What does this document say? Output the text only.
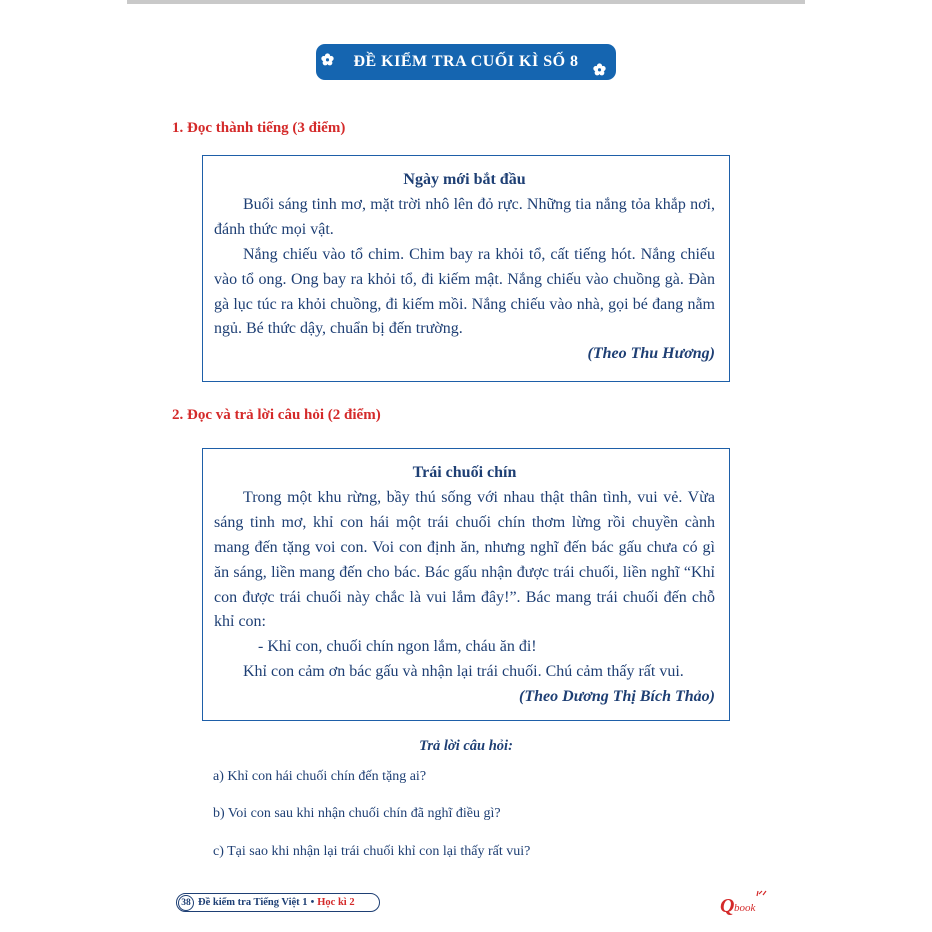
ĐỀ KIỂM TRA CUỐI KÌ SỐ 8
1. Đọc thành tiếng (3 điểm)
Ngày mới bắt đầu

Buổi sáng tinh mơ, mặt trời nhô lên đỏ rực. Những tia nắng tỏa khắp nơi, đánh thức mọi vật.

Nắng chiếu vào tổ chim. Chim bay ra khỏi tổ, cất tiếng hót. Nắng chiếu vào tổ ong. Ong bay ra khỏi tổ, đi kiếm mật. Nắng chiếu vào chuồng gà. Đàn gà lục túc ra khỏi chuồng, đi kiếm mồi. Nắng chiếu vào nhà, gọi bé đang nằm ngủ. Bé thức dậy, chuẩn bị đến trường.

(Theo Thu Hương)
2. Đọc và trả lời câu hỏi (2 điểm)
Trái chuối chín

Trong một khu rừng, bầy thú sống với nhau thật thân tình, vui vẻ. Vừa sáng tinh mơ, khỉ con hái một trái chuối chín thơm lừng rồi chuyền cành mang đến tặng voi con. Voi con định ăn, nhưng nghĩ đến bác gấu chưa có gì ăn sáng, liền mang đến cho bác. Bác gấu nhận được trái chuối, liền nghĩ “Khỉ con được trái chuối này chắc là vui lắm đây!”. Bác mang trái chuối đến chỗ khỉ con:

- Khỉ con, chuối chín ngon lắm, cháu ăn đi!

Khỉ con cảm ơn bác gấu và nhận lại trái chuối. Chú cảm thấy rất vui.

(Theo Dương Thị Bích Thảo)
Trả lời câu hỏi:
a) Khỉ con hái chuối chín đến tặng ai?
b) Voi con sau khi nhận chuối chín đã nghĩ điều gì?
c) Tại sao khi nhận lại trái chuối khỉ con lại thấy rất vui?
38 Đề kiểm tra Tiếng Việt 1 • Học kì 2	Q book
